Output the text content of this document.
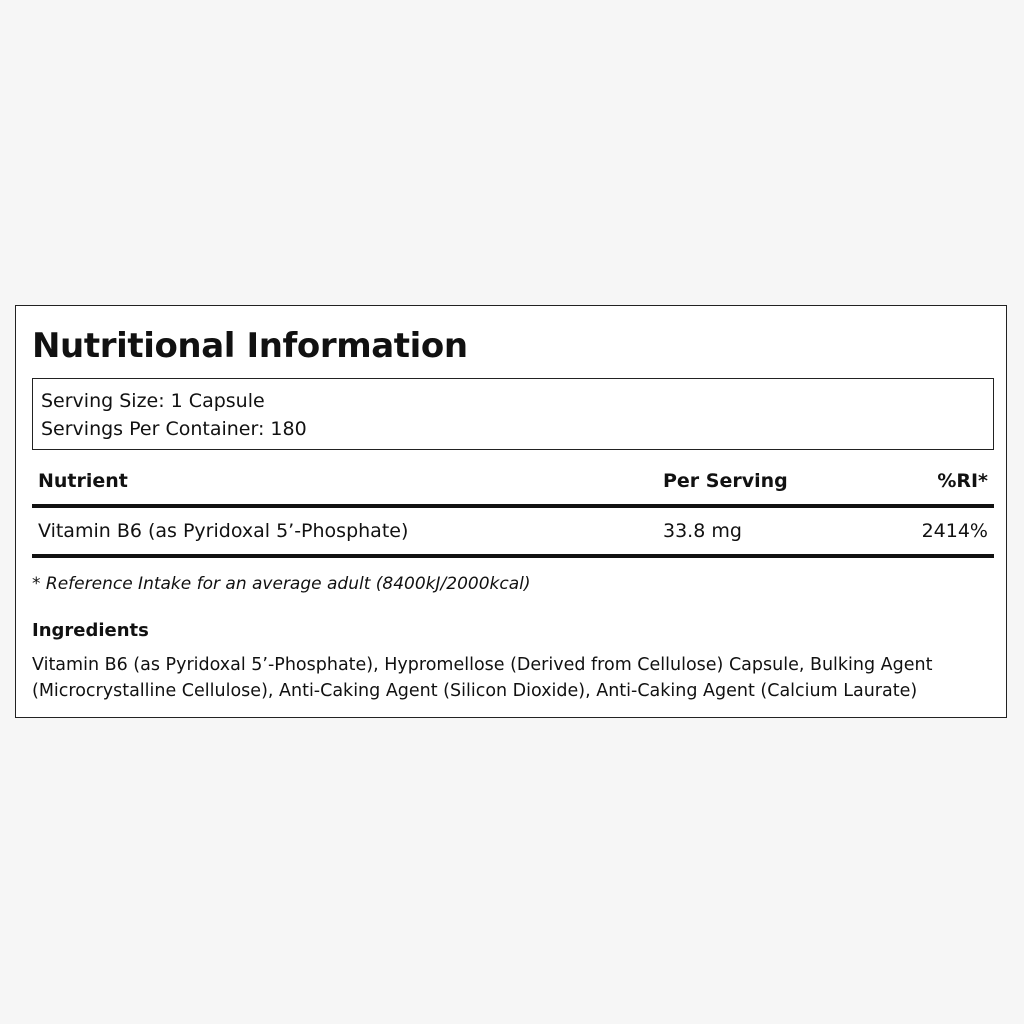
Nutritional Information
Serving Size: 1 Capsule
Servings Per Container: 180
Nutrient	Per Serving	%RI*
Vitamin B6 (as Pyridoxal 5’-Phosphate)	33.8 mg	2414%
* Reference Intake for an average adult (8400kJ/2000kcal)
Ingredients

Vitamin B6 (as Pyridoxal 5’-Phosphate), Hypromellose (Derived from Cellulose) Capsule, Bulking Agent (Microcrystalline Cellulose), Anti-Caking Agent (Silicon Dioxide), Anti-Caking Agent (Calcium Laurate)
